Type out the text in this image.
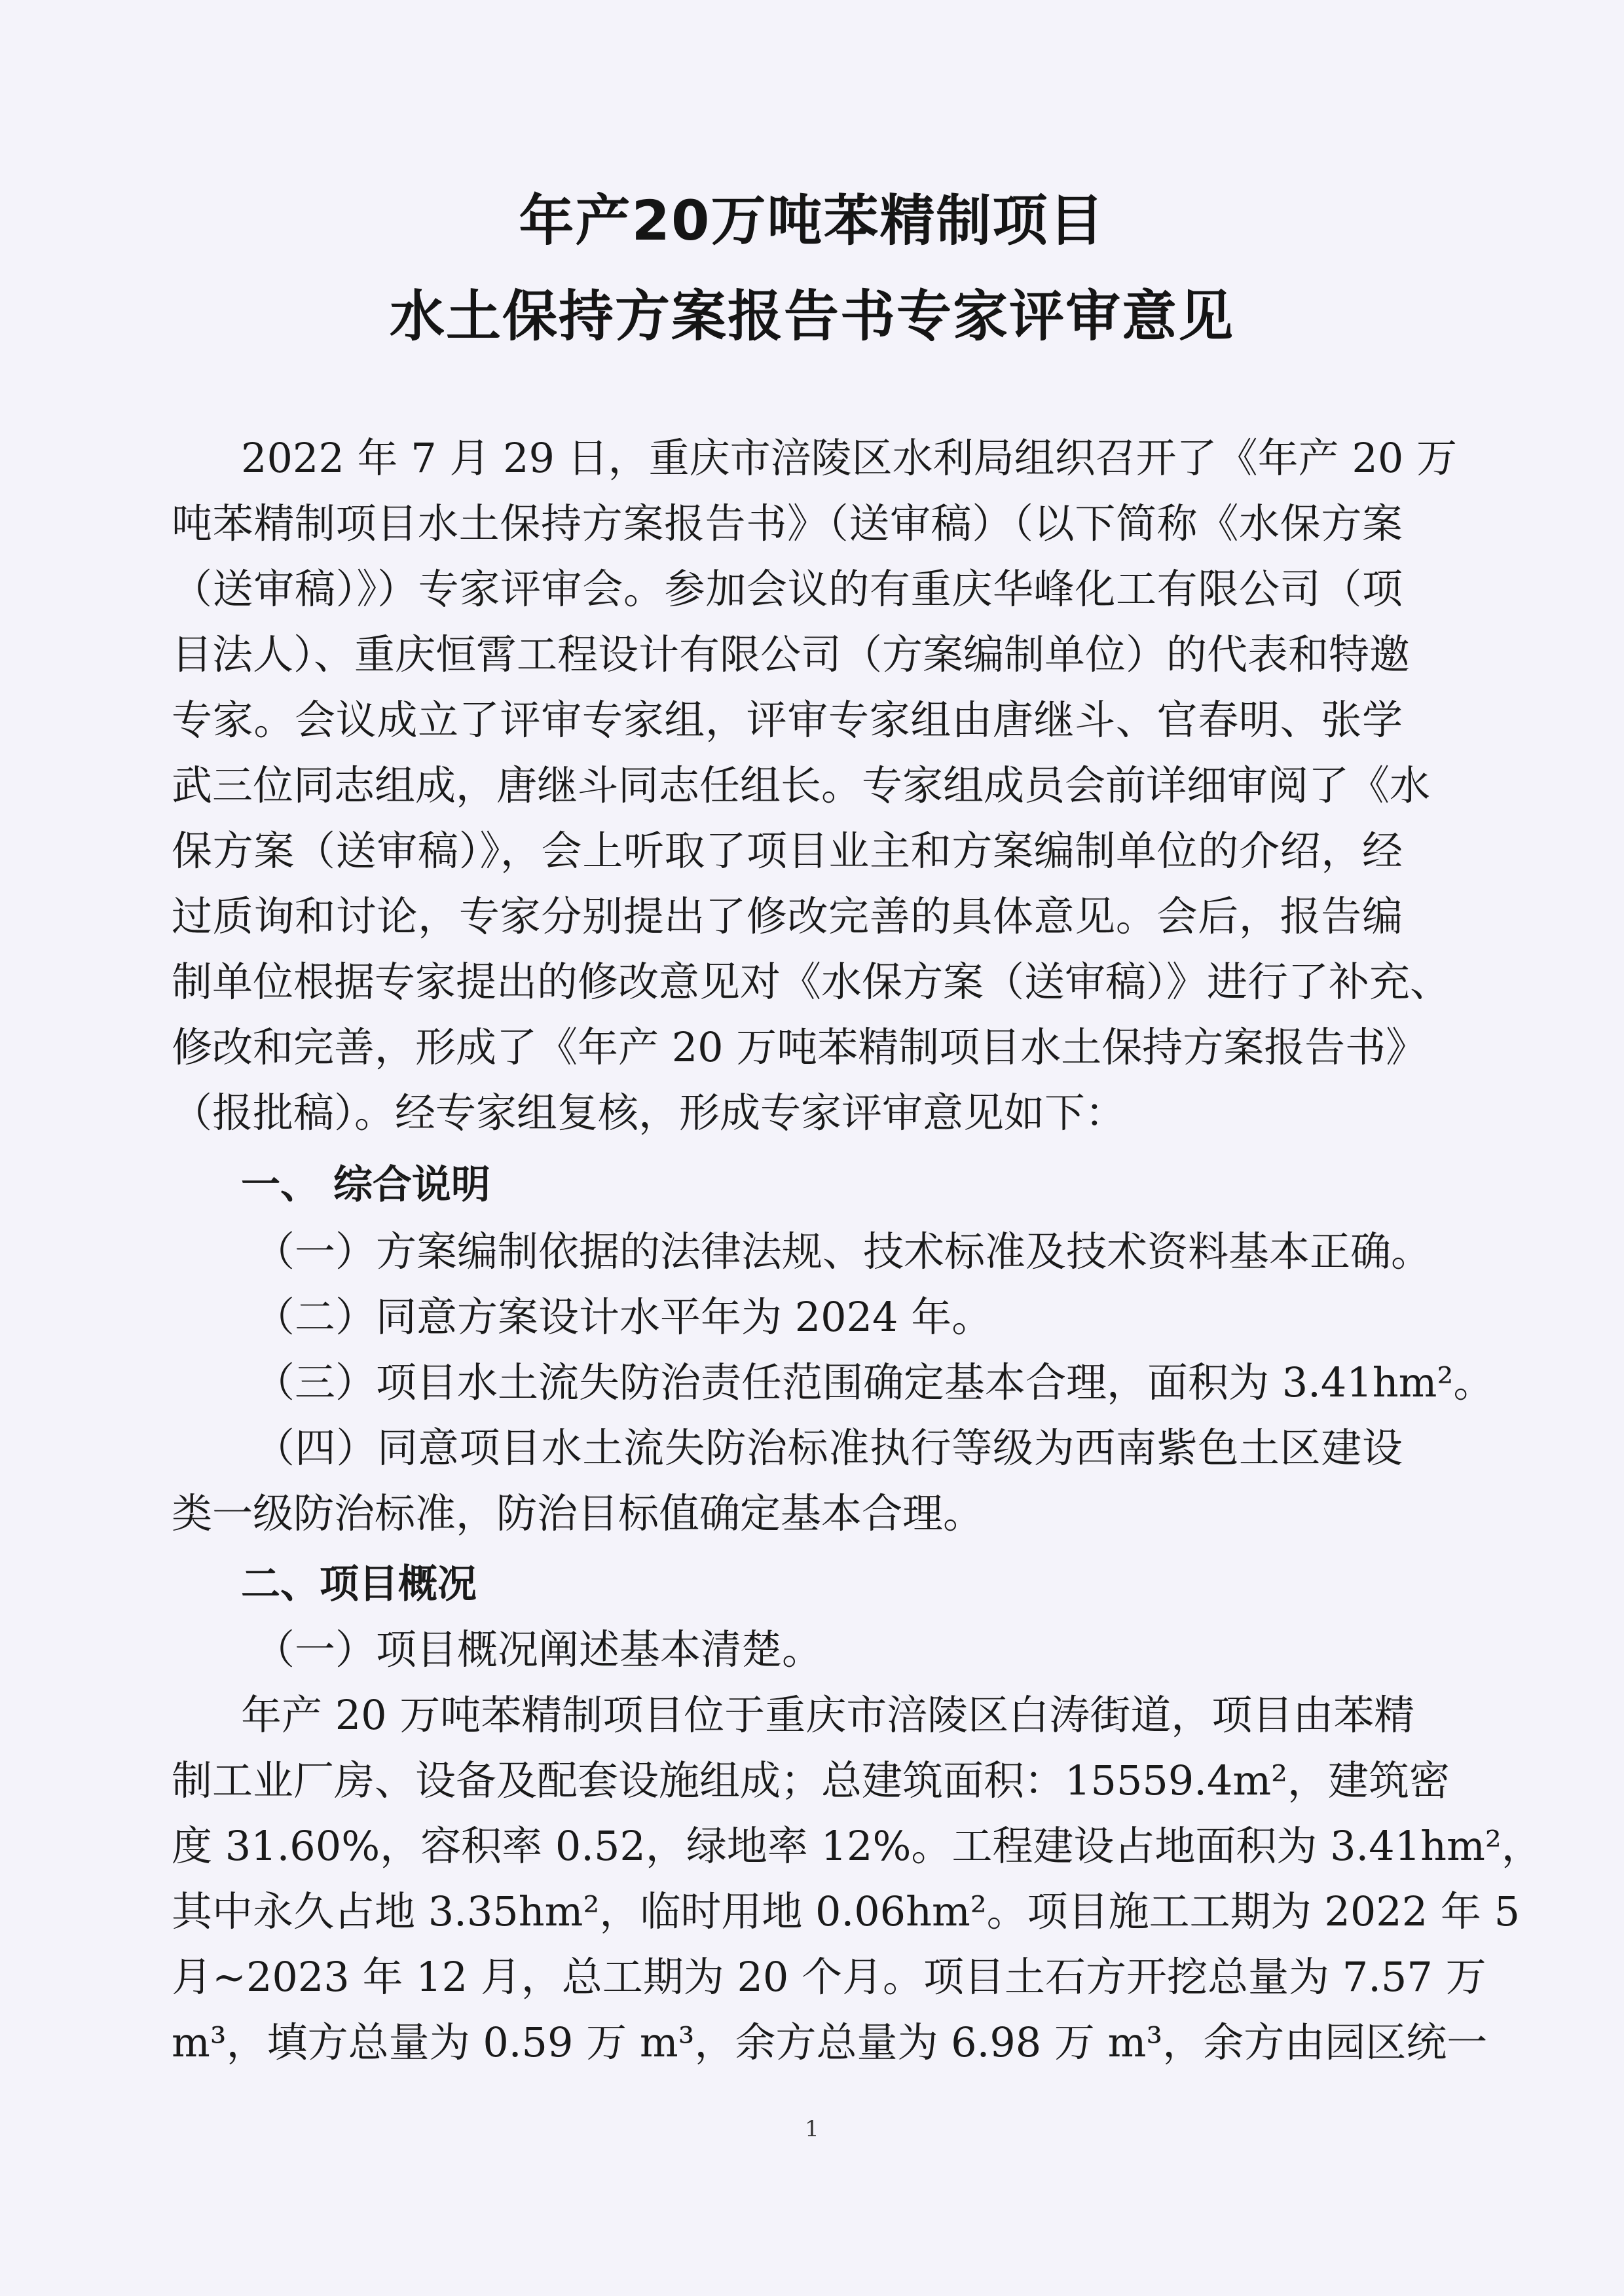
年产20万吨苯精制项目
水土保持方案报告书专家评审意见
2022 年 7 月 29 日，重庆市涪陵区水利局组织召开了《年产 20 万
吨苯精制项目水土保持方案报告书》（送审稿）（以下简称《水保方案
（送审稿）》）专家评审会。参加会议的有重庆华峰化工有限公司（项
目法人）、重庆恒霄工程设计有限公司（方案编制单位）的代表和特邀
专家。会议成立了评审专家组，评审专家组由唐继斗、官春明、张学
武三位同志组成，唐继斗同志任组长。专家组成员会前详细审阅了《水
保方案（送审稿）》，会上听取了项目业主和方案编制单位的介绍，经
过质询和讨论，专家分别提出了修改完善的具体意见。会后，报告编
制单位根据专家提出的修改意见对《水保方案（送审稿）》进行了补充、
修改和完善，形成了《年产 20 万吨苯精制项目水土保持方案报告书》
（报批稿）。经专家组复核，形成专家评审意见如下：
一、 综合说明
（一）方案编制依据的法律法规、技术标准及技术资料基本正确。
（二）同意方案设计水平年为 2024 年。
（三）项目水土流失防治责任范围确定基本合理，面积为 3.41hm²。
（四）同意项目水土流失防治标准执行等级为西南紫色土区建设
类一级防治标准，防治目标值确定基本合理。
二、项目概况
（一）项目概况阐述基本清楚。
年产 20 万吨苯精制项目位于重庆市涪陵区白涛街道，项目由苯精
制工业厂房、设备及配套设施组成；总建筑面积：15559.4m²，建筑密
度 31.60%，容积率 0.52，绿地率 12%。工程建设占地面积为 3.41hm²，
其中永久占地 3.35hm²，临时用地 0.06hm²。项目施工工期为 2022 年 5
月~2023 年 12 月，总工期为 20 个月。项目土石方开挖总量为 7.57 万
m³，填方总量为 0.59 万 m³，余方总量为 6.98 万 m³，余方由园区统一
1
